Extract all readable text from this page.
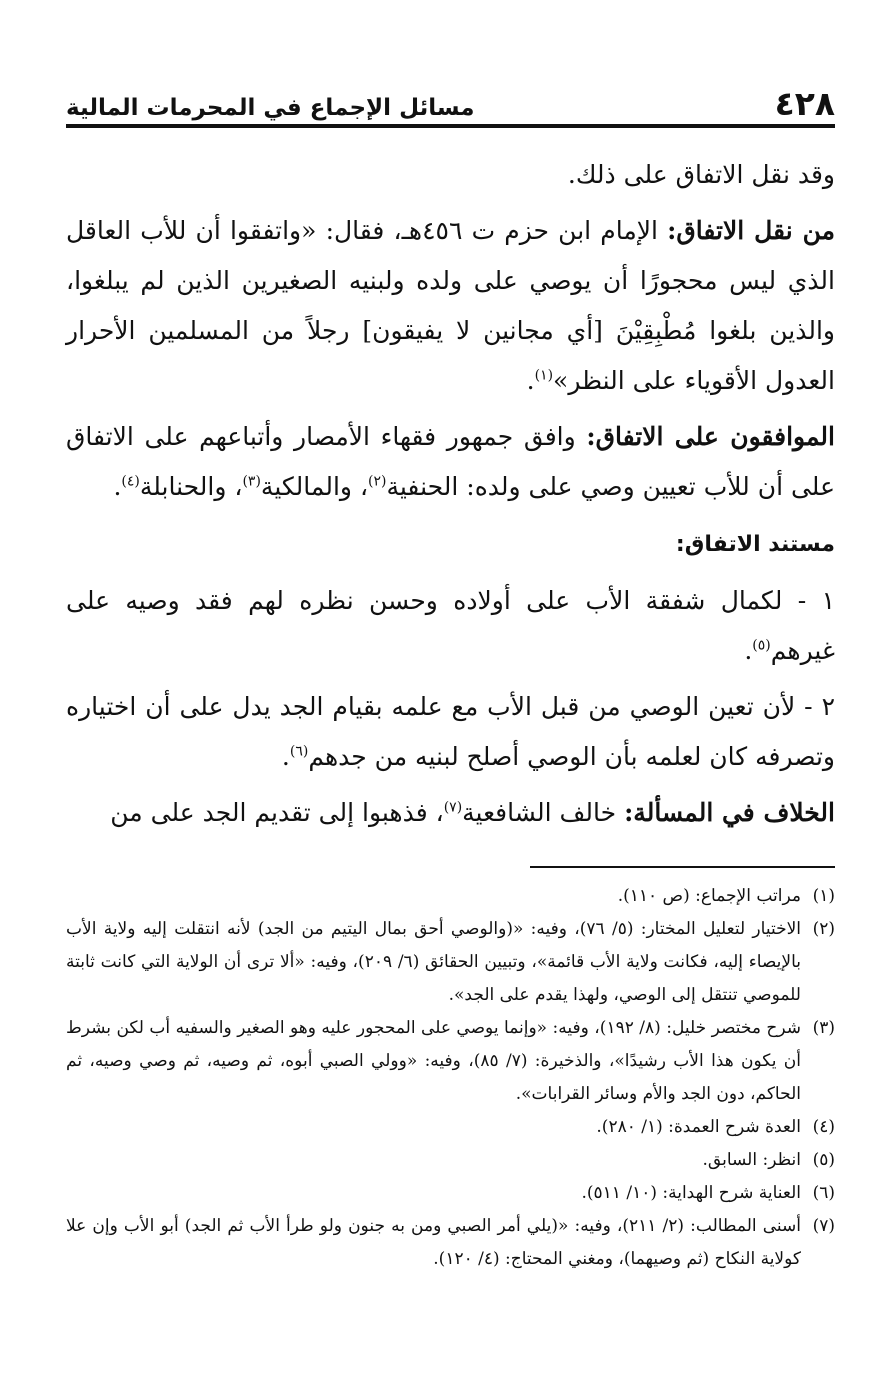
٤٢٨
مسائل الإجماع في المحرمات المالية

وقد نقل الاتفاق على ذلك.

من نقل الاتفاق: الإمام ابن حزم ت ٤٥٦هـ، فقال: «واتفقوا أن للأب العاقل الذي ليس محجورًا أن يوصي على ولده ولبنيه الصغيرين الذين لم يبلغوا، والذين بلغوا مُطْبِقِيْنَ [أي مجانين لا يفيقون] رجلاً من المسلمين الأحرار العدول الأقوياء على النظر»$^{(١)}$.

الموافقون على الاتفاق: وافق جمهور فقهاء الأمصار وأتباعهم على الاتفاق على أن للأب تعيين وصي على ولده: الحنفية$^{(٢)}$، والمالكية$^{(٣)}$، والحنابلة$^{(٤)}$.

مستند الاتفاق:

١ - لكمال شفقة الأب على أولاده وحسن نظره لهم فقد وصيه على غيرهم$^{(٥)}$.

٢ - لأن تعين الوصي من قبل الأب مع علمه بقيام الجد يدل على أن اختياره وتصرفه كان لعلمه بأن الوصي أصلح لبنيه من جدهم$^{(٦)}$.

الخلاف في المسألة: خالف الشافعية$^{(٧)}$، فذهبوا إلى تقديم الجد على من

(١)
مراتب الإجماع: (ص ١١٠).
(٢)
الاختيار لتعليل المختار: (٥/ ٧٦)، وفيه: «(والوصي أحق بمال اليتيم من الجد) لأنه انتقلت إليه ولاية الأب بالإيصاء إليه، فكانت ولاية الأب قائمة»، وتبيين الحقائق (٦/ ٢٠٩)، وفيه: «ألا ترى أن الولاية التي كانت ثابتة للموصي تنتقل إلى الوصي، ولهذا يقدم على الجد».
(٣)
شرح مختصر خليل: (٨/ ١٩٢)، وفيه: «وإنما يوصي على المحجور عليه وهو الصغير والسفيه أب لكن بشرط أن يكون هذا الأب رشيدًا»، والذخيرة: (٧/ ٨٥)، وفيه: «وولي الصبي أبوه، ثم وصيه، ثم وصي وصيه، ثم الحاكم، دون الجد والأم وسائر القرابات».
(٤)
العدة شرح العمدة: (١/ ٢٨٠).
(٥)
انظر: السابق.
(٦)
العناية شرح الهداية: (١٠/ ٥١١).
(٧)
أسنى المطالب: (٢/ ٢١١)، وفيه: «(يلي أمر الصبي ومن به جنون ولو طرأ الأب ثم الجد) أبو الأب وإن علا كولاية النكاح (ثم وصيهما)، ومغني المحتاج: (٤/ ١٢٠).
